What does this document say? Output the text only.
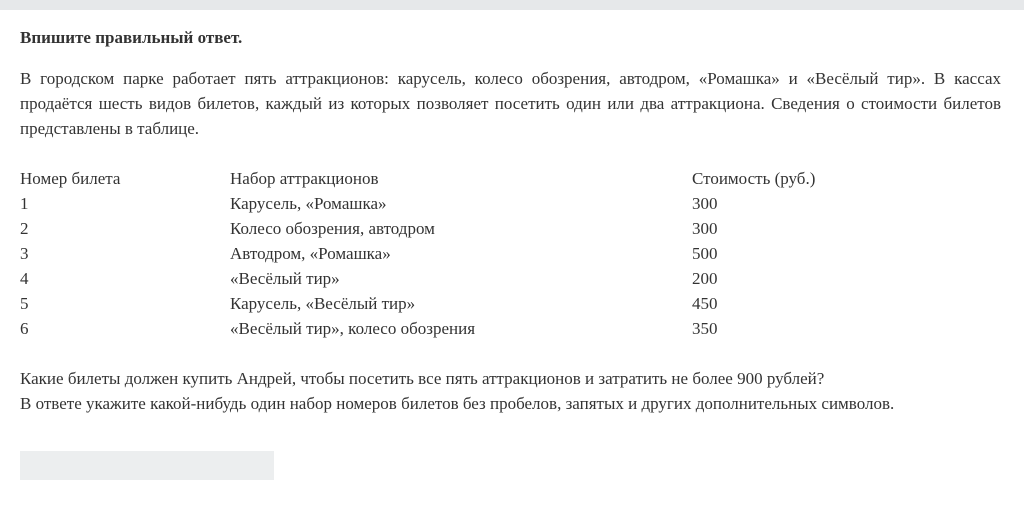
Впишите правильный ответ.

В городском парке работает пять аттракционов: карусель, колесо обозрения, автодром, «Ромашка» и «Весёлый тир». В кассах продаётся шесть видов билетов, каждый из которых позволяет посетить один или два аттракциона. Сведения о стоимости билетов представлены в таблице.

Номер билета	Набор аттракционов	Стоимость (руб.)
1	Карусель, «Ромашка»	300
2	Колесо обозрения, автодром	300
3	Автодром, «Ромашка»	500
4	«Весёлый тир»	200
5	Карусель, «Весёлый тир»	450
6	«Весёлый тир», колесо обозрения	350

Какие билеты должен купить Андрей, чтобы посетить все пять аттракционов и затратить не более 900 рублей?

В ответе укажите какой-нибудь один набор номеров билетов без пробелов, запятых и других дополнительных символов.
